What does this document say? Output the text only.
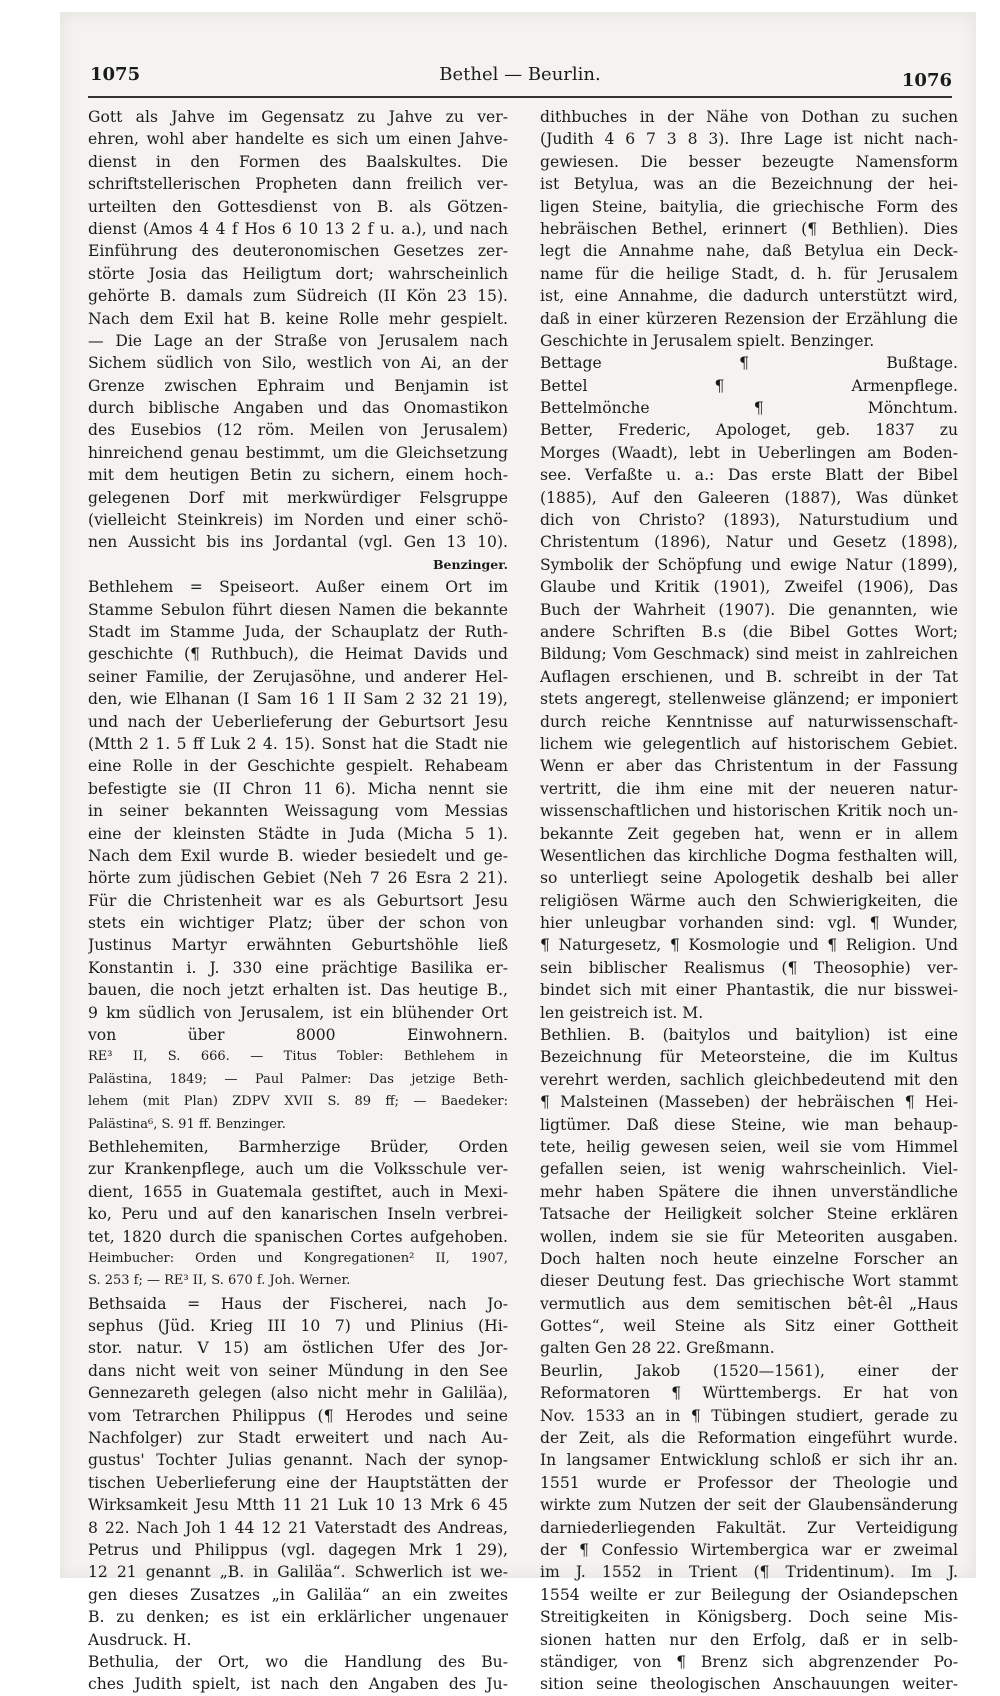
1075	Bethel — Beurlin.	1076
Gott als Jahve im Gegensatz zu Jahve zu ver-
ehren, wohl aber handelte es sich um einen Jahve-
dienst in den Formen des Baalskultes. Die
schriftstellerischen Propheten dann freilich ver-
urteilten den Gottesdienst von B. als Götzen-
dienst (Amos 4 4 f Hos 6 10 13 2 f u. a.), und nach
Einführung des deuteronomischen Gesetzes zer-
störte Josia das Heiligtum dort; wahrscheinlich
gehörte B. damals zum Südreich (II Kön 23 15).
Nach dem Exil hat B. keine Rolle mehr gespielt.
— Die Lage an der Straße von Jerusalem nach
Sichem südlich von Silo, westlich von Ai, an der
Grenze zwischen Ephraim und Benjamin ist
durch biblische Angaben und das Onomastikon
des Eusebios (12 röm. Meilen von Jerusalem)
hinreichend genau bestimmt, um die Gleichsetzung
mit dem heutigen Betin zu sichern, einem hoch-
gelegenen Dorf mit merkwürdiger Felsgruppe
(vielleicht Steinkreis) im Norden und einer schö-
nen Aussicht bis ins Jordantal (vgl. Gen 13 10).
Benzinger.
Bethlehem = Speiseort. Außer einem Ort im
Stamme Sebulon führt diesen Namen die bekannte
Stadt im Stamme Juda, der Schauplatz der Ruth-
geschichte (¶ Ruthbuch), die Heimat Davids und
seiner Familie, der Zerujasöhne, und anderer Hel-
den, wie Elhanan (I Sam 16 1 II Sam 2 32 21 19),
und nach der Ueberlieferung der Geburtsort Jesu
(Mtth 2 1. 5 ff Luk 2 4. 15). Sonst hat die Stadt nie
eine Rolle in der Geschichte gespielt. Rehabeam
befestigte sie (II Chron 11 6). Micha nennt sie
in seiner bekannten Weissagung vom Messias
eine der kleinsten Städte in Juda (Micha 5 1).
Nach dem Exil wurde B. wieder besiedelt und ge-
hörte zum jüdischen Gebiet (Neh 7 26 Esra 2 21).
Für die Christenheit war es als Geburtsort Jesu
stets ein wichtiger Platz; über der schon von
Justinus Martyr erwähnten Geburtshöhle ließ
Konstantin i. J. 330 eine prächtige Basilika er-
bauen, die noch jetzt erhalten ist. Das heutige B.,
9 km südlich von Jerusalem, ist ein blühender Ort
von über 8000 Einwohnern.
RE³ II, S. 666. — Titus Tobler: Bethlehem in
Palästina, 1849; — Paul Palmer: Das jetzige Beth-
lehem (mit Plan) ZDPV XVII S. 89 ff; — Baedeker:
Palästina⁶, S. 91 ff. Benzinger.
Bethlehemiten, Barmherzige Brüder, Orden
zur Krankenpflege, auch um die Volksschule ver-
dient, 1655 in Guatemala gestiftet, auch in Mexi-
ko, Peru und auf den kanarischen Inseln verbrei-
tet, 1820 durch die spanischen Cortes aufgehoben.
Heimbucher: Orden und Kongregationen² II, 1907,
S. 253 f; — RE³ II, S. 670 f. Joh. Werner.
Bethsaida = Haus der Fischerei, nach Jo-
sephus (Jüd. Krieg III 10 7) und Plinius (Hi-
stor. natur. V 15) am östlichen Ufer des Jor-
dans nicht weit von seiner Mündung in den See
Gennezareth gelegen (also nicht mehr in Galiläa),
vom Tetrarchen Philippus (¶ Herodes und seine
Nachfolger) zur Stadt erweitert und nach Au-
gustus' Tochter Julias genannt. Nach der synop-
tischen Ueberlieferung eine der Hauptstätten der
Wirksamkeit Jesu Mtth 11 21 Luk 10 13 Mrk 6 45
8 22. Nach Joh 1 44 12 21 Vaterstadt des Andreas,
Petrus und Philippus (vgl. dagegen Mrk 1 29),
12 21 genannt „B. in Galiläa“. Schwerlich ist we-
gen dieses Zusatzes „in Galiläa“ an ein zweites
B. zu denken; es ist ein erklärlicher ungenauer
Ausdruck. H.
Bethulia, der Ort, wo die Handlung des Bu-
ches Judith spielt, ist nach den Angaben des Ju-
dithbuches in der Nähe von Dothan zu suchen
(Judith 4 6 7 3 8 3). Ihre Lage ist nicht nach-
gewiesen. Die besser bezeugte Namensform
ist Betylua, was an die Bezeichnung der hei-
ligen Steine, baitylia, die griechische Form des
hebräischen Bethel, erinnert (¶ Bethlien). Dies
legt die Annahme nahe, daß Betylua ein Deck-
name für die heilige Stadt, d. h. für Jerusalem
ist, eine Annahme, die dadurch unterstützt wird,
daß in einer kürzeren Rezension der Erzählung die
Geschichte in Jerusalem spielt. Benzinger.
Bettage ¶ Bußtage.
Bettel ¶ Armenpflege.
Bettelmönche ¶ Mönchtum.
Better, Frederic, Apologet, geb. 1837 zu
Morges (Waadt), lebt in Ueberlingen am Boden-
see. Verfaßte u. a.: Das erste Blatt der Bibel
(1885), Auf den Galeeren (1887), Was dünket
dich von Christo? (1893), Naturstudium und
Christentum (1896), Natur und Gesetz (1898),
Symbolik der Schöpfung und ewige Natur (1899),
Glaube und Kritik (1901), Zweifel (1906), Das
Buch der Wahrheit (1907). Die genannten, wie
andere Schriften B.s (die Bibel Gottes Wort;
Bildung; Vom Geschmack) sind meist in zahlreichen
Auflagen erschienen, und B. schreibt in der Tat
stets angeregt, stellenweise glänzend; er imponiert
durch reiche Kenntnisse auf naturwissenschaft-
lichem wie gelegentlich auf historischem Gebiet.
Wenn er aber das Christentum in der Fassung
vertritt, die ihm eine mit der neueren natur-
wissenschaftlichen und historischen Kritik noch un-
bekannte Zeit gegeben hat, wenn er in allem
Wesentlichen das kirchliche Dogma festhalten will,
so unterliegt seine Apologetik deshalb bei aller
religiösen Wärme auch den Schwierigkeiten, die
hier unleugbar vorhanden sind: vgl. ¶ Wunder,
¶ Naturgesetz, ¶ Kosmologie und ¶ Religion. Und
sein biblischer Realismus (¶ Theosophie) ver-
bindet sich mit einer Phantastik, die nur bisswei-
len geistreich ist. M.
Bethlien. B. (baitylos und baitylion) ist eine
Bezeichnung für Meteorsteine, die im Kultus
verehrt werden, sachlich gleichbedeutend mit den
¶ Malsteinen (Masseben) der hebräischen ¶ Hei-
ligtümer. Daß diese Steine, wie man behaup-
tete, heilig gewesen seien, weil sie vom Himmel
gefallen seien, ist wenig wahrscheinlich. Viel-
mehr haben Spätere die ihnen unverständliche
Tatsache der Heiligkeit solcher Steine erklären
wollen, indem sie sie für Meteoriten ausgaben.
Doch halten noch heute einzelne Forscher an
dieser Deutung fest. Das griechische Wort stammt
vermutlich aus dem semitischen bêt-êl „Haus
Gottes“, weil Steine als Sitz einer Gottheit
galten Gen 28 22. Greßmann.
Beurlin, Jakob (1520—1561), einer der
Reformatoren ¶ Württembergs. Er hat von
Nov. 1533 an in ¶ Tübingen studiert, gerade zu
der Zeit, als die Reformation eingeführt wurde.
In langsamer Entwicklung schloß er sich ihr an.
1551 wurde er Professor der Theologie und
wirkte zum Nutzen der seit der Glaubensänderung
darniederliegenden Fakultät. Zur Verteidigung
der ¶ Confessio Wirtembergica war er zweimal
im J. 1552 in Trient (¶ Tridentinum). Im J.
1554 weilte er zur Beilegung der Osiandерschen
Streitigkeiten in Königsberg. Doch seine Mis-
sionen hatten nur den Erfolg, daß er in selb-
ständiger, von ¶ Brenz sich abgrenzender Po-
sition seine theologischen Anschauungen weiter-
